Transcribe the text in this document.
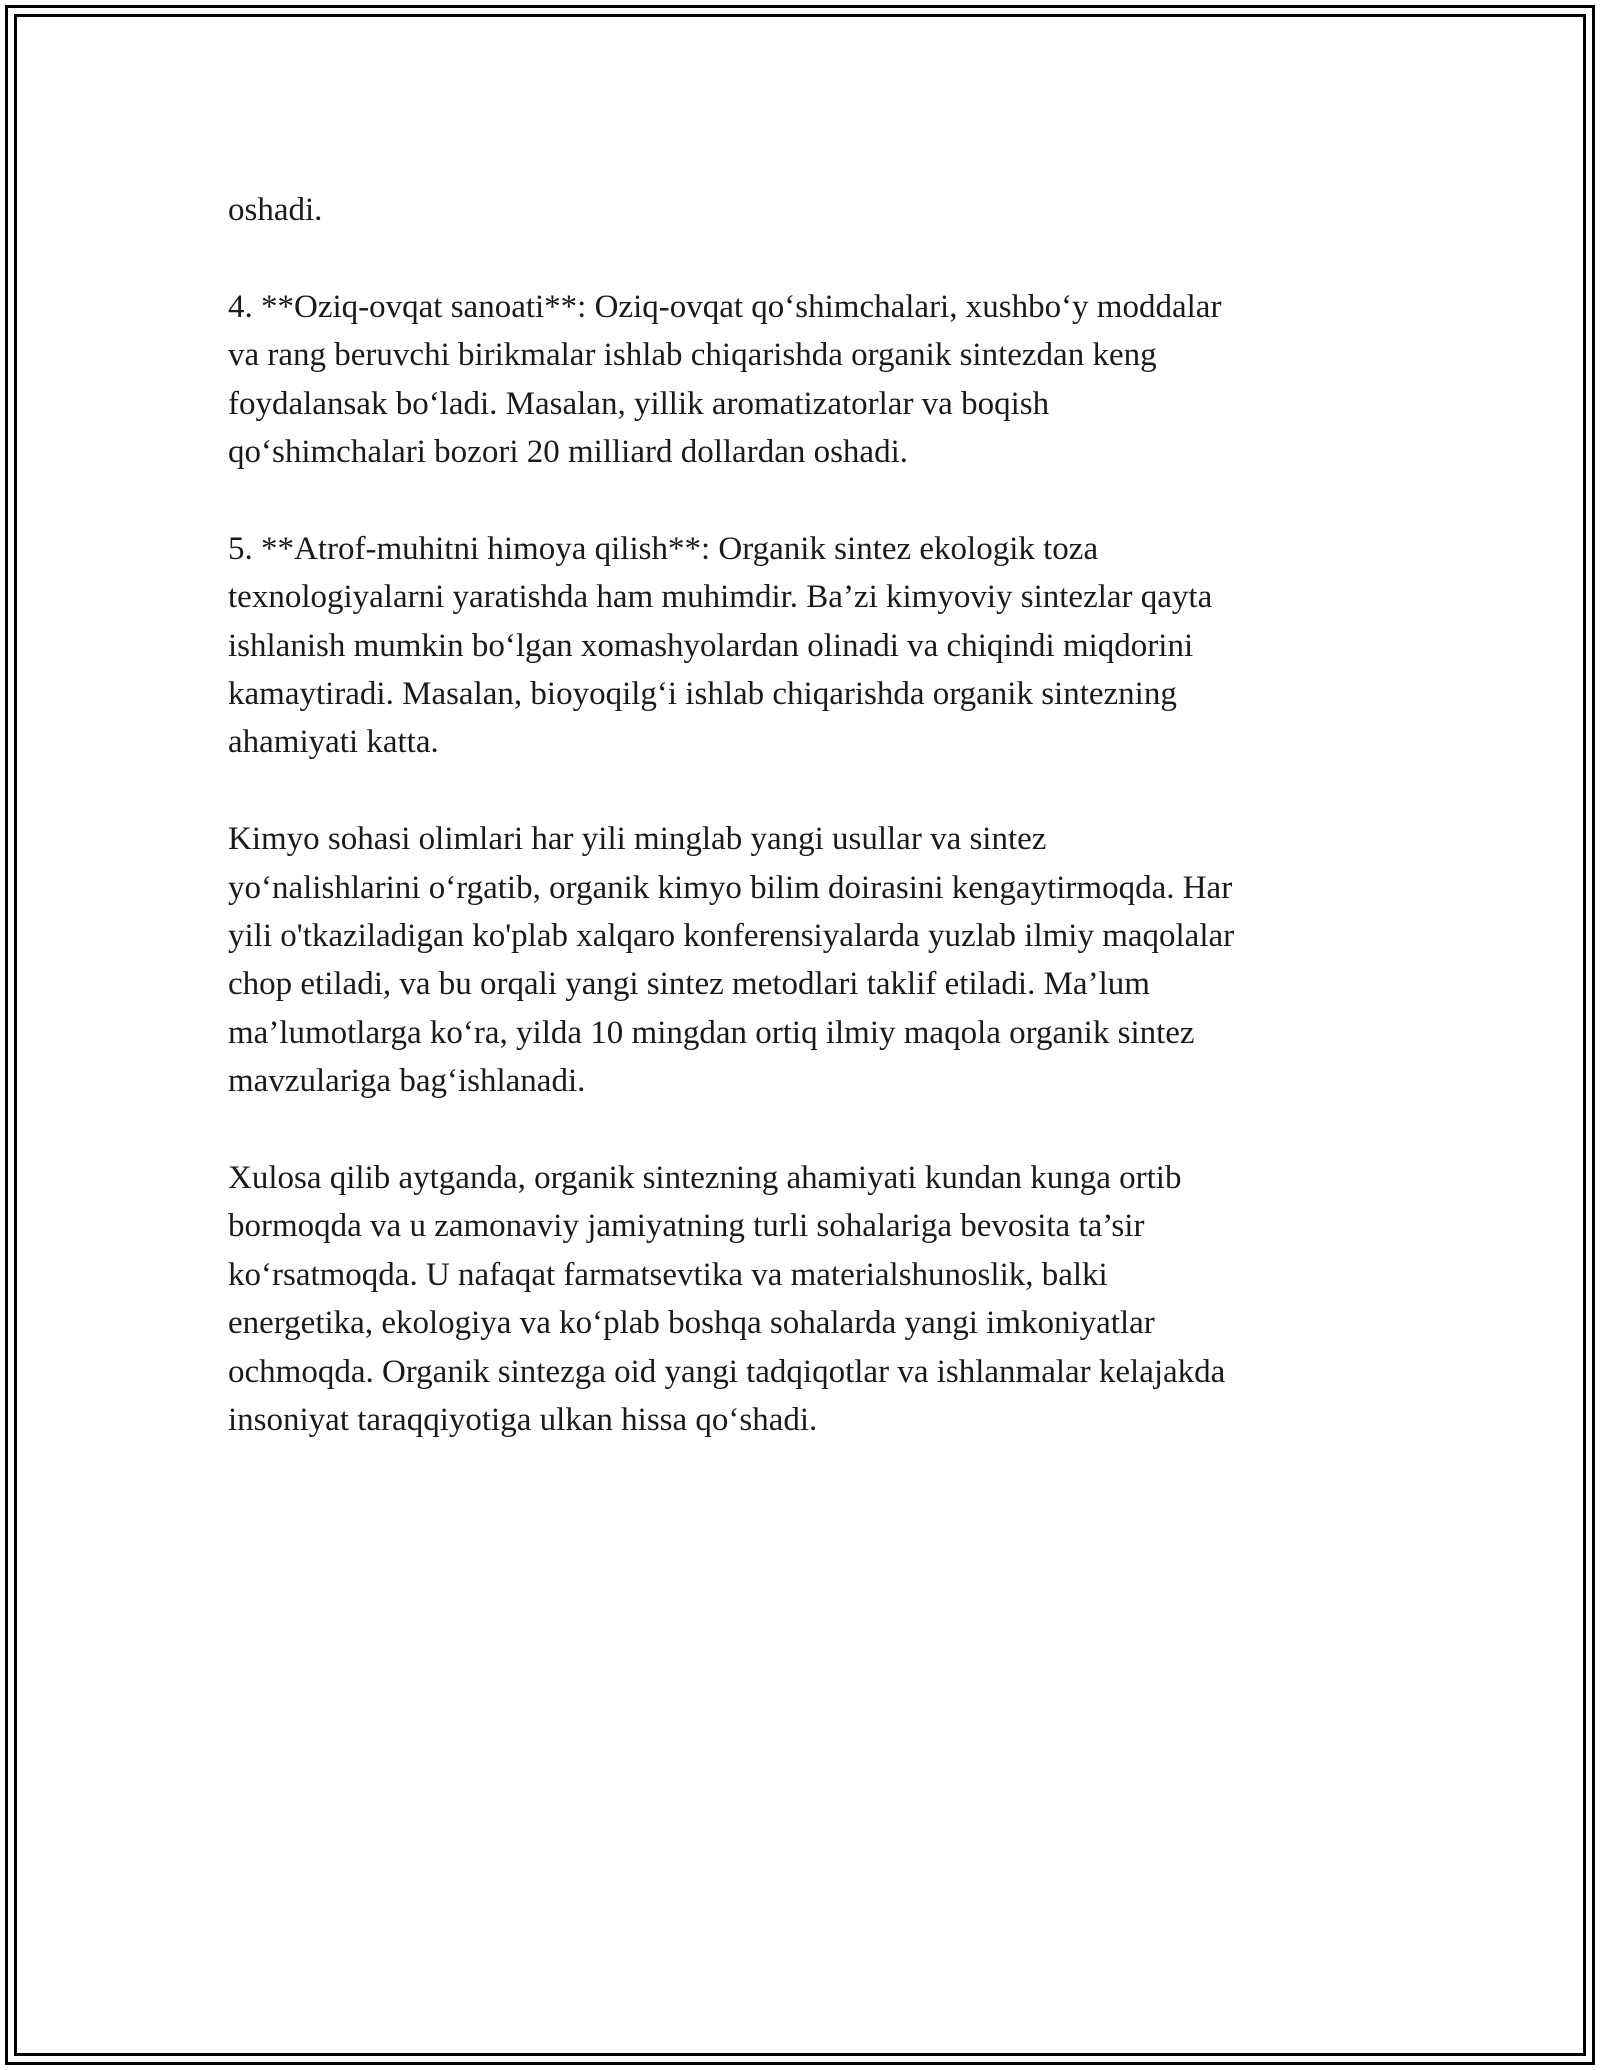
oshadi.

4. **Oziq-ovqat sanoati**: Oziq-ovqat qo‘shimchalari, xushbo‘y moddalar
va rang beruvchi birikmalar ishlab chiqarishda organik sintezdan keng
foydalansak bo‘ladi. Masalan, yillik aromatizatorlar va boqish
qo‘shimchalari bozori 20 milliard dollardan oshadi.

5. **Atrof-muhitni himoya qilish**: Organik sintez ekologik toza
texnologiyalarni yaratishda ham muhimdir. Ba’zi kimyoviy sintezlar qayta
ishlanish mumkin bo‘lgan xomashyolardan olinadi va chiqindi miqdorini
kamaytiradi. Masalan, bioyoqilg‘i ishlab chiqarishda organik sintezning
ahamiyati katta.

Kimyo sohasi olimlari har yili minglab yangi usullar va sintez
yo‘nalishlarini o‘rgatib, organik kimyo bilim doirasini kengaytirmoqda. Har
yili o'tkaziladigan ko'plab xalqaro konferensiyalarda yuzlab ilmiy maqolalar
chop etiladi, va bu orqali yangi sintez metodlari taklif etiladi. Ma’lum
ma’lumotlarga ko‘ra, yilda 10 mingdan ortiq ilmiy maqola organik sintez
mavzulariga bag‘ishlanadi.

Xulosa qilib aytganda, organik sintezning ahamiyati kundan kunga ortib
bormoqda va u zamonaviy jamiyatning turli sohalariga bevosita ta’sir
ko‘rsatmoqda. U nafaqat farmatsevtika va materialshunoslik, balki
energetika, ekologiya va ko‘plab boshqa sohalarda yangi imkoniyatlar
ochmoqda. Organik sintezga oid yangi tadqiqotlar va ishlanmalar kelajakda
insoniyat taraqqiyotiga ulkan hissa qo‘shadi.
